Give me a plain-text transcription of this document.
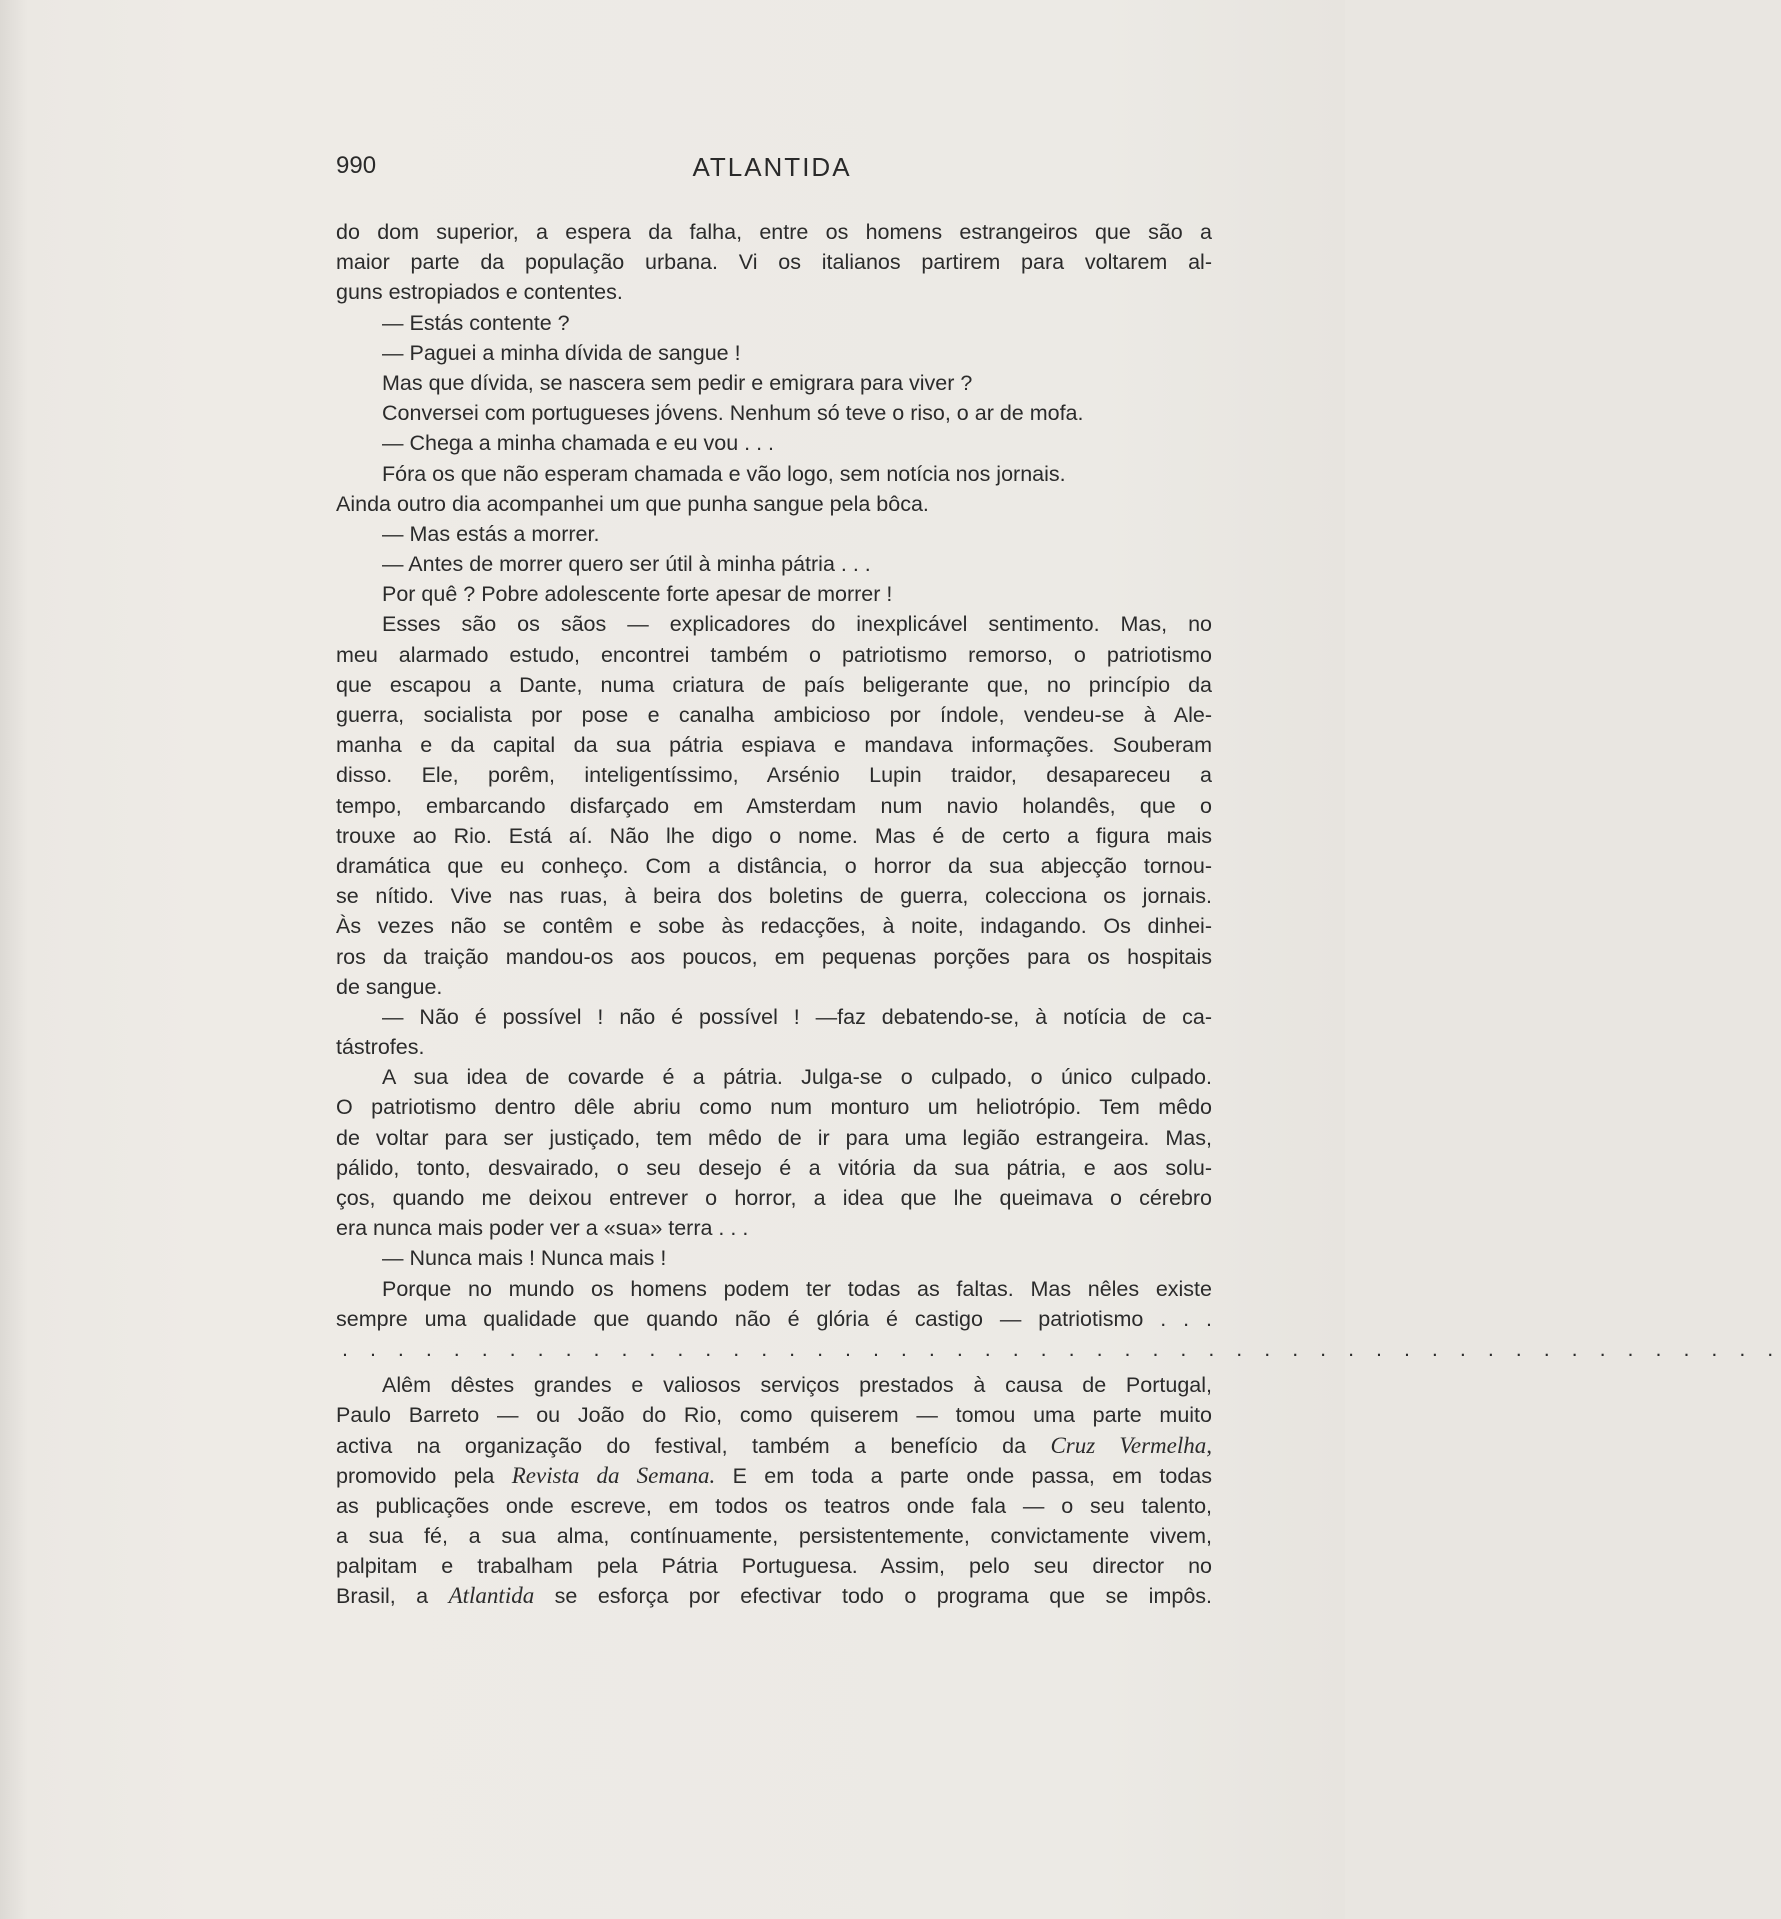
990	ATLANTIDA
do dom superior, a espera da falha, entre os homens estrangeiros que são a
maior parte da população urbana. Vi os italianos partirem para voltarem al-
guns estropiados e contentes.
— Estás contente ?
— Paguei a minha dívida de sangue !
Mas que dívida, se nascera sem pedir e emigrara para viver ?
Conversei com portugueses jóvens. Nenhum só teve o riso, o ar de mofa.
— Chega a minha chamada e eu vou . . .
Fóra os que não esperam chamada e vão logo, sem notícia nos jornais.
Ainda outro dia acompanhei um que punha sangue pela bôca.
— Mas estás a morrer.
— Antes de morrer quero ser útil à minha pátria . . .
Por quê ? Pobre adolescente forte apesar de morrer !
Esses são os sãos — explicadores do inexplicável sentimento. Mas, no
meu alarmado estudo, encontrei também o patriotismo remorso, o patriotismo
que escapou a Dante, numa criatura de país beligerante que, no princípio da
guerra, socialista por pose e canalha ambicioso por índole, vendeu-se à Ale-
manha e da capital da sua pátria espiava e mandava informações. Souberam
disso. Ele, porêm, inteligentíssimo, Arsénio Lupin traidor, desapareceu a
tempo, embarcando disfarçado em Amsterdam num navio holandês, que o
trouxe ao Rio. Está aí. Não lhe digo o nome. Mas é de certo a figura mais
dramática que eu conheço. Com a distância, o horror da sua abjecção tornou-
se nítido. Vive nas ruas, à beira dos boletins de guerra, colecciona os jornais.
Às vezes não se contêm e sobe às redacções, à noite, indagando. Os dinhei-
ros da traição mandou-os aos poucos, em pequenas porções para os hospitais
de sangue.
— Não é possível ! não é possível ! —faz debatendo-se, à notícia de ca-
tástrofes.
A sua idea de covarde é a pátria. Julga-se o culpado, o único culpado.
O patriotismo dentro dêle abriu como num monturo um heliotrópio. Tem mêdo
de voltar para ser justiçado, tem mêdo de ir para uma legião estrangeira. Mas,
pálido, tonto, desvairado, o seu desejo é a vitória da sua pátria, e aos solu-
ços, quando me deixou entrever o horror, a idea que lhe queimava o cérebro
era nunca mais poder ver a «sua» terra . . .
— Nunca mais ! Nunca mais !
Porque no mundo os homens podem ter todas as faltas. Mas nêles existe
sempre uma qualidade que quando não é glória é castigo — patriotismo . . .
. . . . . . . . . . . . . . . . . . . . . . . . . . . . . . . . . . . . . . . . . . . . . . . . . . . .
Alêm dêstes grandes e valiosos serviços prestados à causa de Portugal,
Paulo Barreto — ou João do Rio, como quiserem — tomou uma parte muito
activa na organização do festival, também a benefício da Cruz Vermelha,
promovido pela Revista da Semana. E em toda a parte onde passa, em todas
as publicações onde escreve, em todos os teatros onde fala — o seu talento,
a sua fé, a sua alma, contínuamente, persistentemente, convictamente vivem,
palpitam e trabalham pela Pátria Portuguesa. Assim, pelo seu director no
Brasil, a Atlantida se esforça por efectivar todo o programa que se impôs.
